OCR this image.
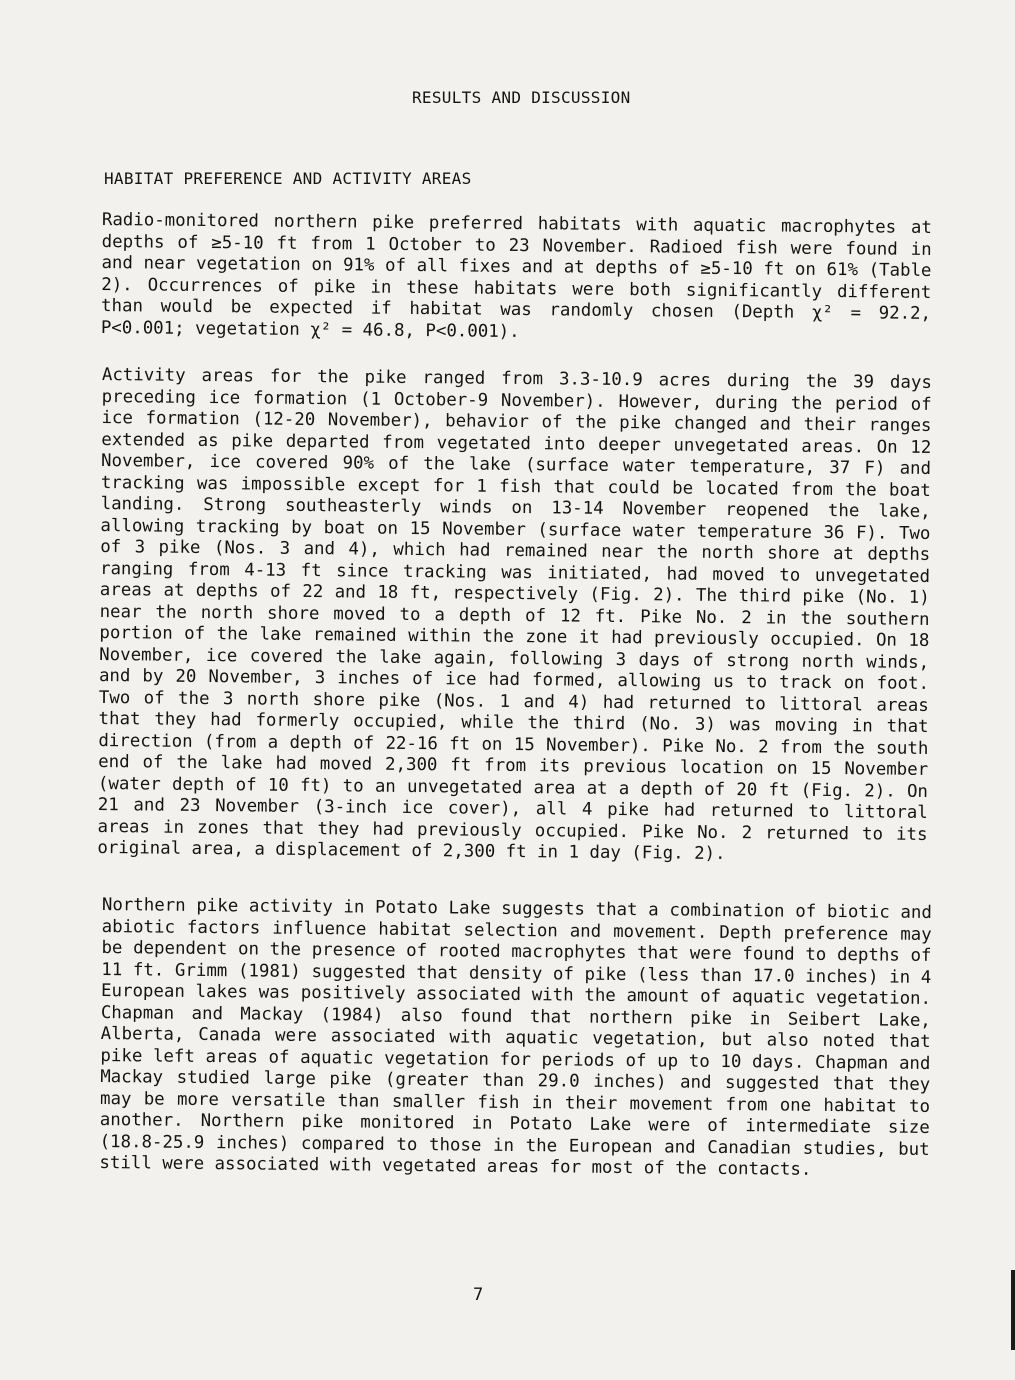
RESULTS AND DISCUSSION
HABITAT PREFERENCE AND ACTIVITY AREAS

Radio-monitored northern pike preferred habitats with aquatic macrophytes at depths of ≥5-10 ft from 1 October to 23 November. Radioed fish were found in and near vegetation on 91% of all fixes and at depths of ≥5-10 ft on 61% (Table 2). Occurrences of pike in these habitats were both significantly different than would be expected if habitat was randomly chosen (Depth χ² = 92.2, P<0.001; vegetation χ² = 46.8, P<0.001).

Activity areas for the pike ranged from 3.3-10.9 acres during the 39 days preceding ice formation (1 October-9 November). However, during the period of ice formation (12-20 November), behavior of the pike changed and their ranges extended as pike departed from vegetated into deeper unvegetated areas. On 12 November, ice covered 90% of the lake (surface water temperature, 37 F) and tracking was impossible except for 1 fish that could be located from the boat landing. Strong southeasterly winds on 13-14 November reopened the lake, allowing tracking by boat on 15 November (surface water temperature 36 F). Two of 3 pike (Nos. 3 and 4), which had remained near the north shore at depths ranging from 4-13 ft since tracking was initiated, had moved to unvegetated areas at depths of 22 and 18 ft, respectively (Fig. 2). The third pike (No. 1) near the north shore moved to a depth of 12 ft. Pike No. 2 in the southern portion of the lake remained within the zone it had previously occupied. On 18 November, ice covered the lake again, following 3 days of strong north winds, and by 20 November, 3 inches of ice had formed, allowing us to track on foot. Two of the 3 north shore pike (Nos. 1 and 4) had returned to littoral areas that they had formerly occupied, while the third (No. 3) was moving in that direction (from a depth of 22-16 ft on 15 November). Pike No. 2 from the south end of the lake had moved 2,300 ft from its previous location on 15 November (water depth of 10 ft) to an unvegetated area at a depth of 20 ft (Fig. 2). On 21 and 23 November (3-inch ice cover), all 4 pike had returned to littoral areas in zones that they had previously occupied. Pike No. 2 returned to its original area, a displacement of 2,300 ft in 1 day (Fig. 2).

Northern pike activity in Potato Lake suggests that a combination of biotic and abiotic factors influence habitat selection and movement. Depth preference may be dependent on the presence of rooted macrophytes that were found to depths of 11 ft. Grimm (1981) suggested that density of pike (less than 17.0 inches) in 4 European lakes was positively associated with the amount of aquatic vegetation. Chapman and Mackay (1984) also found that northern pike in Seibert Lake, Alberta, Canada were associated with aquatic vegetation, but also noted that pike left areas of aquatic vegetation for periods of up to 10 days. Chapman and Mackay studied large pike (greater than 29.0 inches) and suggested that they may be more versatile than smaller fish in their movement from one habitat to another. Northern pike monitored in Potato Lake were of intermediate size (18.8-25.9 inches) compared to those in the European and Canadian studies, but still were associated with vegetated areas for most of the contacts.

7
